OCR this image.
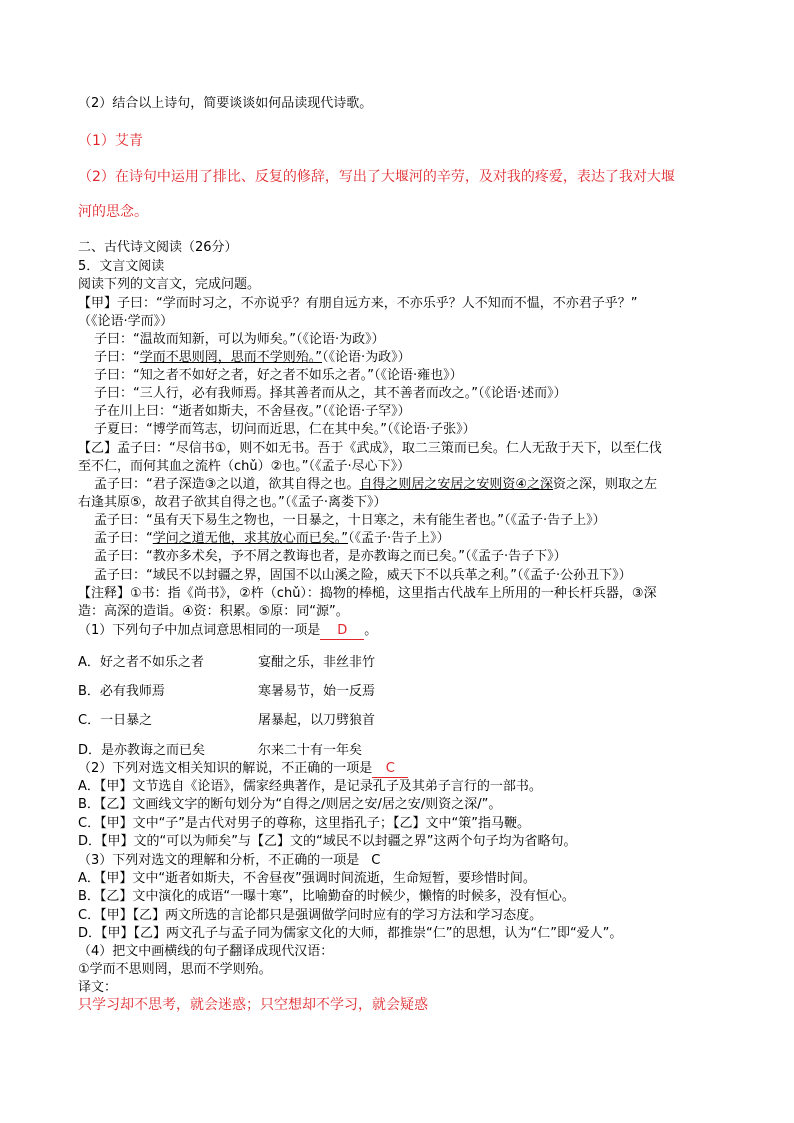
（2）结合以上诗句，简要谈谈如何品读现代诗歌。
（1）艾青
（2）在诗句中运用了排比、反复的修辞，写出了大堰河的辛劳，及对我的疼爱，表达了我对大堰
河的思念。
二、古代诗文阅读（26分）
5．文言文阅读
阅读下列的文言文，完成问题。
【甲】子曰：“学而时习之，不亦说乎？有朋自远方来，不亦乐乎？人不知而不愠，不亦君子乎？”
（《论语·学而》）
子曰：“温故而知新，可以为师矣。”（《论语·为政》）
子曰：“学而不思则罔，思而不学则殆。”（《论语·为政》）
子曰：“知之者不如好之者，好之者不如乐之者。”（《论语·雍也》）
子曰：“三人行，必有我师焉。择其善者而从之，其不善者而改之。”（《论语·述而》）
子在川上曰：“逝者如斯夫，不舍昼夜。”（《论语·子罕》）
子夏曰：“博学而笃志，切问而近思，仁在其中矣。”（《论语·子张》）
【乙】孟子曰：“尽信书①，则不如无书。吾于《武成》，取二三策而已矣。仁人无敌于天下，以至仁伐
至不仁，而何其血之流杵（chǔ）②也。”（《孟子·尽心下》）
孟子曰：“君子深造③之以道，欲其自得之也。自得之则居之安居之安则资④之深资之深，则取之左
右逢其原⑤，故君子欲其自得之也。”（《孟子·离娄下》）
孟子曰：“虽有天下易生之物也，一日暴之，十日寒之，未有能生者也。”（《孟子·告子上》）
孟子曰：“学问之道无他，求其放心而已矣。”（《孟子·告子上》）
孟子曰：“教亦多术矣，予不屑之教诲也者，是亦教诲之而已矣。”（《孟子·告子下》）
孟子曰：“域民不以封疆之界，固国不以山溪之险，威天下不以兵革之利。”（《孟子·公孙丑下》）
【注释】①书：指《尚书》，②杵（chǔ）：捣物的棒槌，这里指古代战车上所用的一种长杆兵器，③深
造：高深的造诣。④资：积累。⑤原：同“源”。
（1）下列句子中加点词意思相同的一项是 D 。
A．好之者不如乐之者	宴酣之乐，非丝非竹
B．必有我师焉	寒暑易节，始一反焉
C．一日暴之	屠暴起，以刀劈狼首
D．是亦教诲之而已矣	尔来二十有一年矣
（2）下列对选文相关知识的解说，不正确的一项是 C
A．【甲】文节选自《论语》，儒家经典著作，是记录孔子及其弟子言行的一部书。
B．【乙】文画线文字的断句划分为“自得之/则居之安/居之安/则资之深/”。
C．【甲】文中“子”是古代对男子的尊称，这里指孔子；【乙】文中“策”指马鞭。
D．【甲】文的“可以为师矣”与【乙】文的“域民不以封疆之界”这两个句子均为省略句。
（3）下列对选文的理解和分析，不正确的一项是 C
A．【甲】文中“逝者如斯夫，不舍昼夜”强调时间流逝，生命短暂，要珍惜时间。
B．【乙】文中演化的成语“一曝十寒”，比喻勤奋的时候少，懒惰的时候多，没有恒心。
C．【甲】【乙】两文所选的言论都只是强调做学问时应有的学习方法和学习态度。
D．【甲】【乙】两文孔子与孟子同为儒家文化的大师，都推崇“仁”的思想，认为“仁”即“爱人”。
（4）把文中画横线的句子翻译成现代汉语：
①学而不思则罔，思而不学则殆。
译文：
只学习却不思考，就会迷惑；只空想却不学习，就会疑惑
